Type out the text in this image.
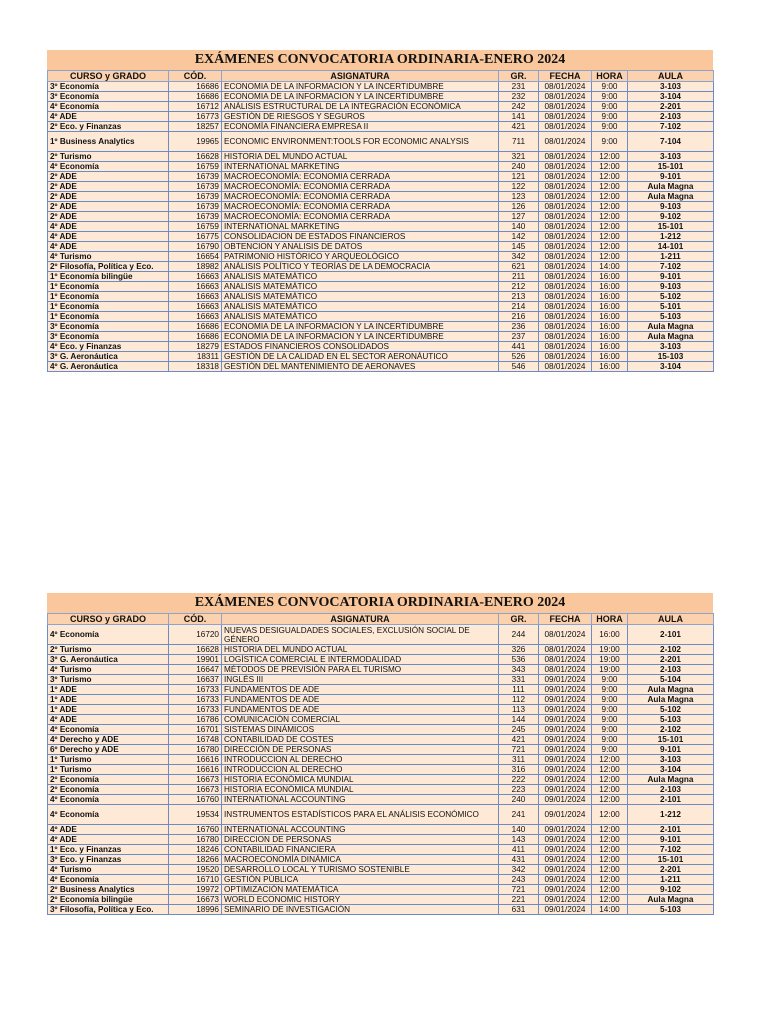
EXÁMENES CONVOCATORIA ORDINARIA-ENERO 2024
CURSO y GRADO	CÓD.	ASIGNATURA	GR.	FECHA	HORA	AULA
3º Economía	16686	ECONOMIA DE LA INFORMACION Y LA INCERTIDUMBRE	231	08/01/2024	9:00	3-103
3º Economía	16686	ECONOMIA DE LA INFORMACION Y LA INCERTIDUMBRE	232	08/01/2024	9:00	3-104
4º Economía	16712	ANÁLISIS ESTRUCTURAL DE LA INTEGRACIÓN ECONÓMICA	242	08/01/2024	9:00	2-201
4º ADE	16773	GESTIÓN DE RIESGOS Y SEGUROS	141	08/01/2024	9:00	2-103
2º Eco. y Finanzas	18257	ECONOMÍA FINANCIERA EMPRESA II	421	08/01/2024	9:00	7-102
1º Business Analytics	19965	ECONOMIC ENVIRONMENT:TOOLS FOR ECONOMIC ANALYSIS	711	08/01/2024	9:00	7-104
2º Turismo	16628	HISTORIA DEL MUNDO ACTUAL	321	08/01/2024	12:00	3-103
4º Economía	16759	INTERNATIONAL MARKETING	240	08/01/2024	12:00	15-101
2º ADE	16739	MACROECONOMÍA: ECONOMIA CERRADA	121	08/01/2024	12:00	9-101
2º ADE	16739	MACROECONOMÍA: ECONOMIA CERRADA	122	08/01/2024	12:00	Aula Magna
2º ADE	16739	MACROECONOMÍA: ECONOMIA CERRADA	123	08/01/2024	12:00	Aula Magna
2º ADE	16739	MACROECONOMÍA: ECONOMIA CERRADA	126	08/01/2024	12:00	9-103
2º ADE	16739	MACROECONOMÍA: ECONOMIA CERRADA	127	08/01/2024	12:00	9-102
4º ADE	16759	INTERNATIONAL MARKETING	140	08/01/2024	12:00	15-101
4º ADE	16775	CONSOLIDACION DE ESTADOS FINANCIEROS	142	08/01/2024	12:00	1-212
4º ADE	16790	OBTENCION Y ANALISIS DE DATOS	145	08/01/2024	12:00	14-101
4º Turismo	16654	PATRIMONIO HISTÓRICO Y ARQUEOLÓGICO	342	08/01/2024	12:00	1-211
2º Filosofía, Política y Eco.	18982	ANÁLISIS POLÍTICO Y TEORÍAS DE LA DEMOCRACIA	621	08/01/2024	14:00	7-102
1º Economía bilingüe	16663	ANALISIS MATEMÁTICO	211	08/01/2024	16:00	9-101
1º Economía	16663	ANALISIS MATEMÁTICO	212	08/01/2024	16:00	9-103
1º Economía	16663	ANALISIS MATEMÁTICO	213	08/01/2024	16:00	5-102
1º Economía	16663	ANALISIS MATEMÁTICO	214	08/01/2024	16:00	5-101
1º Economía	16663	ANALISIS MATEMÁTICO	216	08/01/2024	16:00	5-103
3º Economía	16686	ECONOMIA DE LA INFORMACION Y LA INCERTIDUMBRE	236	08/01/2024	16:00	Aula Magna
3º Economía	16686	ECONOMIA DE LA INFORMACION Y LA INCERTIDUMBRE	237	08/01/2024	16:00	Aula Magna
4º Eco. y Finanzas	18279	ESTADOS FINANCIEROS CONSOLIDADOS	441	08/01/2024	16:00	3-103
3º G. Aeronáutica	18311	GESTIÓN DE LA CALIDAD EN EL SECTOR AERONÁUTICO	526	08/01/2024	16:00	15-103
4º G. Aeronáutica	18318	GESTIÓN DEL MANTENIMIENTO DE AERONAVES	546	08/01/2024	16:00	3-104
EXÁMENES CONVOCATORIA ORDINARIA-ENERO 2024
CURSO y GRADO	CÓD.	ASIGNATURA	GR.	FECHA	HORA	AULA
4º Economía	16720	NUEVAS DESIGUALDADES SOCIALES, EXCLUSIÓN SOCIAL DE GÉNERO	244	08/01/2024	16:00	2-101
2º Turismo	16628	HISTORIA DEL MUNDO ACTUAL	326	08/01/2024	19:00	2-102
3º G. Aeronáutica	19901	LOGÍSTICA COMERCIAL E INTERMODALIDAD	536	08/01/2024	19:00	2-201
4º Turismo	16647	MÉTODOS DE PREVISIÓN PARA EL TURISMO	343	08/01/2024	19:00	2-103
3º Turismo	16637	INGLÉS III	331	09/01/2024	9:00	5-104
1º ADE	16733	FUNDAMENTOS DE ADE	111	09/01/2024	9:00	Aula Magna
1º ADE	16733	FUNDAMENTOS DE ADE	112	09/01/2024	9:00	Aula Magna
1º ADE	16733	FUNDAMENTOS DE ADE	113	09/01/2024	9:00	5-102
4º ADE	16786	COMUNICACIÓN COMERCIAL	144	09/01/2024	9:00	5-103
4º Economía	16701	SISTEMAS DINÁMICOS	245	09/01/2024	9:00	2-102
4º Derecho y ADE	16748	CONTABILIDAD DE COSTES	421	09/01/2024	9:00	15-101
6º Derecho y ADE	16780	DIRECCIÓN DE PERSONAS	721	09/01/2024	9:00	9-101
1º Turismo	16616	INTRODUCCION AL DERECHO	311	09/01/2024	12:00	3-103
1º Turismo	16616	INTRODUCCION AL DERECHO	316	09/01/2024	12:00	3-104
2º Economía	16673	HISTORIA ECONÓMICA MUNDIAL	222	09/01/2024	12:00	Aula Magna
2º Economía	16673	HISTORIA ECONÓMICA MUNDIAL	223	09/01/2024	12:00	2-103
4º Economía	16760	INTERNATIONAL ACCOUNTING	240	09/01/2024	12:00	2-101
4º Economía	19534	INSTRUMENTOS ESTADÍSTICOS PARA EL ANÁLISIS ECONÓMICO	241	09/01/2024	12:00	1-212
4º ADE	16760	INTERNATIONAL ACCOUNTING	140	09/01/2024	12:00	2-101
4º ADE	16780	DIRECCION DE PERSONAS	143	09/01/2024	12:00	9-101
1º Eco. y Finanzas	18246	CONTABILIDAD FINANCIERA	411	09/01/2024	12:00	7-102
3º Eco. y Finanzas	18266	MACROECONOMÍA DINÁMICA	431	09/01/2024	12:00	15-101
4º Turismo	19520	DESARROLLO LOCAL Y TURISMO SOSTENIBLE	342	09/01/2024	12:00	2-201
4º Economía	16710	GESTIÓN PÚBLICA	243	09/01/2024	12:00	1-211
2º Business Analytics	19972	OPTIMIZACIÓN MATEMÁTICA	721	09/01/2024	12:00	9-102
2º Economía bilingüe	16673	WORLD ECONOMIC HISTORY	221	09/01/2024	12:00	Aula Magna
3º Filosofía, Política y Eco.	18996	SEMINARIO DE INVESTIGACIÓN	631	09/01/2024	14:00	5-103
